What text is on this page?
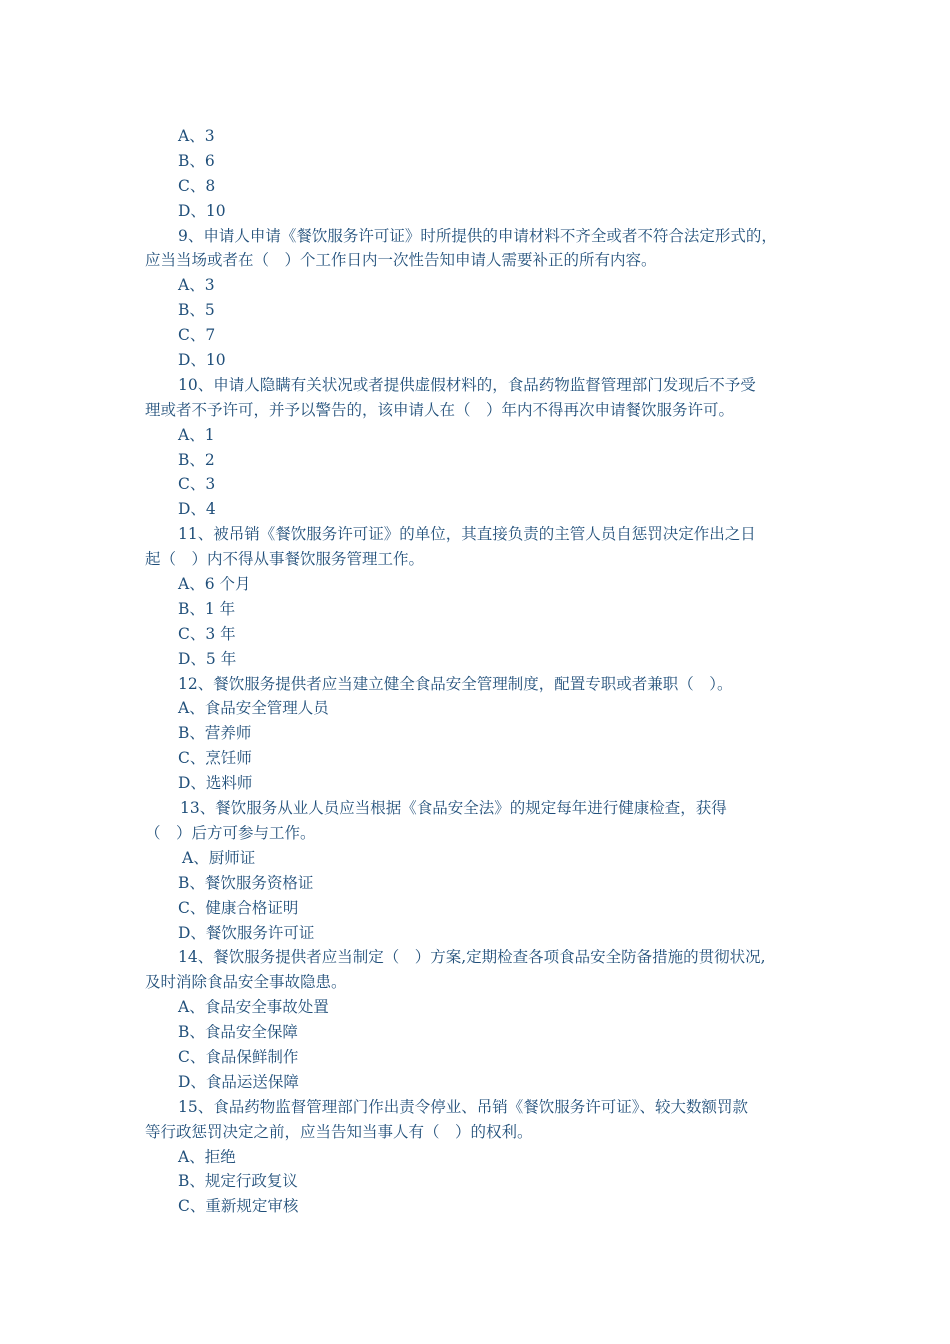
A、3
B、6
C、8
D、10
9、申请人申请《餐饮服务许可证》时所提供的申请材料不齐全或者不符合法定形式的，
应当当场或者在（　）个工作日内一次性告知申请人需要补正的所有内容。
A、3
B、5
C、7
D、10
10、申请人隐瞒有关状况或者提供虚假材料的，食品药物监督管理部门发现后不予受
理或者不予许可，并予以警告的，该申请人在（　）年内不得再次申请餐饮服务许可。
A、1
B、2
C、3
D、4
11、被吊销《餐饮服务许可证》的单位，其直接负责的主管人员自惩罚决定作出之日
起（　）内不得从事餐饮服务管理工作。
A、6 个月
B、1 年
C、3 年
D、5 年
12、餐饮服务提供者应当建立健全食品安全管理制度，配置专职或者兼职（　）。
A、食品安全管理人员
B、营养师
C、烹饪师
D、选料师
13、餐饮服务从业人员应当根据《食品安全法》的规定每年进行健康检查，获得
（　）后方可参与工作。
A、厨师证
B、餐饮服务资格证
C、健康合格证明
D、餐饮服务许可证
14、餐饮服务提供者应当制定（　）方案,定期检查各项食品安全防备措施的贯彻状况,
及时消除食品安全事故隐患。
A、食品安全事故处置
B、食品安全保障
C、食品保鲜制作
D、食品运送保障
15、食品药物监督管理部门作出责令停业、吊销《餐饮服务许可证》、较大数额罚款
等行政惩罚决定之前，应当告知当事人有（　）的权利。
A、拒绝
B、规定行政复议
C、重新规定审核
